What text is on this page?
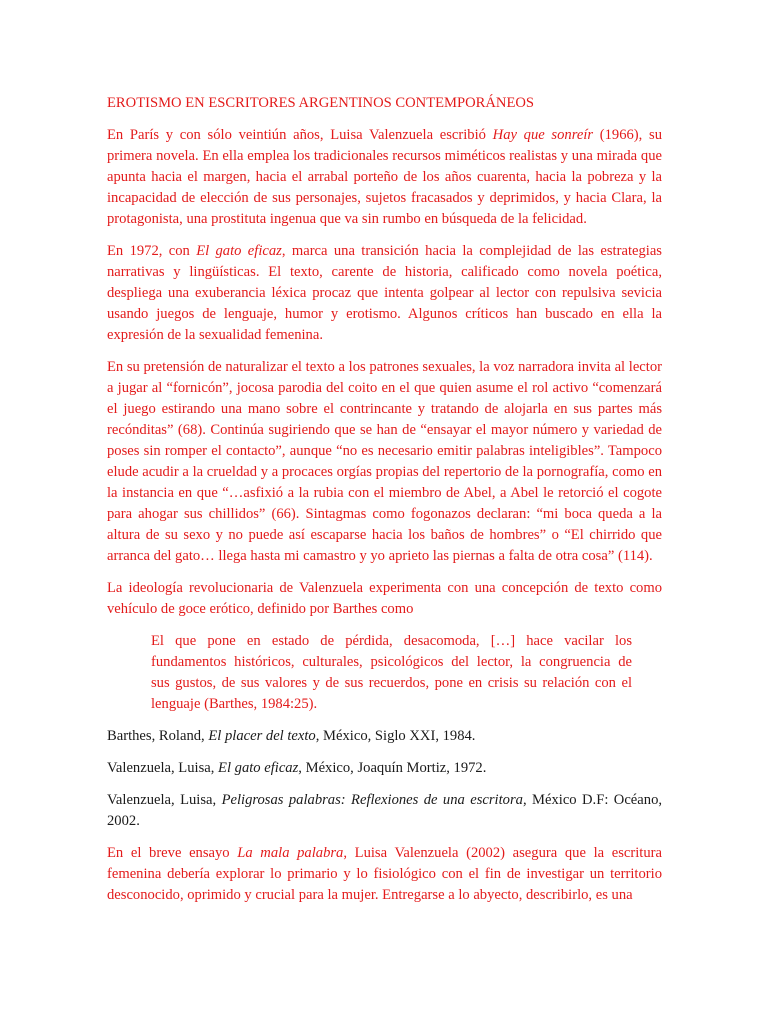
EROTISMO EN ESCRITORES ARGENTINOS CONTEMPORÁNEOS

En París y con sólo veintiún años, Luisa Valenzuela escribió Hay que sonreír (1966), su primera novela. En ella emplea los tradicionales recursos miméticos realistas y una mirada que apunta hacia el margen, hacia el arrabal porteño de los años cuarenta, hacia la pobreza y la incapacidad de elección de sus personajes, sujetos fracasados y deprimidos, y hacia Clara, la protagonista, una prostituta ingenua que va sin rumbo en búsqueda de la felicidad.

En 1972, con El gato eficaz, marca una transición hacia la complejidad de las estrategias narrativas y lingüísticas. El texto, carente de historia, calificado como novela poética, despliega una exuberancia léxica procaz que intenta golpear al lector con repulsiva sevicia usando juegos de lenguaje, humor y erotismo. Algunos críticos han buscado en ella la expresión de la sexualidad femenina.

En su pretensión de naturalizar el texto a los patrones sexuales, la voz narradora invita al lector a jugar al “fornicón”, jocosa parodia del coito en el que quien asume el rol activo “comenzará el juego estirando una mano sobre el contrincante y tratando de alojarla en sus partes más recónditas” (68). Continúa sugiriendo que se han de “ensayar el mayor número y variedad de poses sin romper el contacto”, aunque “no es necesario emitir palabras inteligibles”. Tampoco elude acudir a la crueldad y a procaces orgías propias del repertorio de la pornografía, como en la instancia en que “…asfixió a la rubia con el miembro de Abel, a Abel le retorció el cogote para ahogar sus chillidos” (66). Sintagmas como fogonazos declaran: “mi boca queda a la altura de su sexo y no puede así escaparse hacia los baños de hombres” o “El chirrido que arranca del gato… llega hasta mi camastro y yo aprieto las piernas a falta de otra cosa” (114).

La ideología revolucionaria de Valenzuela experimenta con una concepción de texto como vehículo de goce erótico, definido por Barthes como

El que pone en estado de pérdida, desacomoda, […] hace vacilar los
fundamentos históricos, culturales, psicológicos del lector, la congruencia de
sus gustos, de sus valores y de sus recuerdos, pone en crisis su relación con el
lenguaje (Barthes, 1984:25).
Barthes, Roland, El placer del texto, México, Siglo XXI, 1984.
Valenzuela, Luisa, El gato eficaz, México, Joaquín Mortiz, 1972.
Valenzuela, Luisa, Peligrosas palabras: Reflexiones de una escritora, México D.F: Océano, 2002.

En el breve ensayo La mala palabra, Luisa Valenzuela (2002) asegura que la escritura femenina debería explorar lo primario y lo fisiológico con el fin de investigar un territorio desconocido, oprimido y crucial para la mujer. Entregarse a lo abyecto, describirlo, es una
